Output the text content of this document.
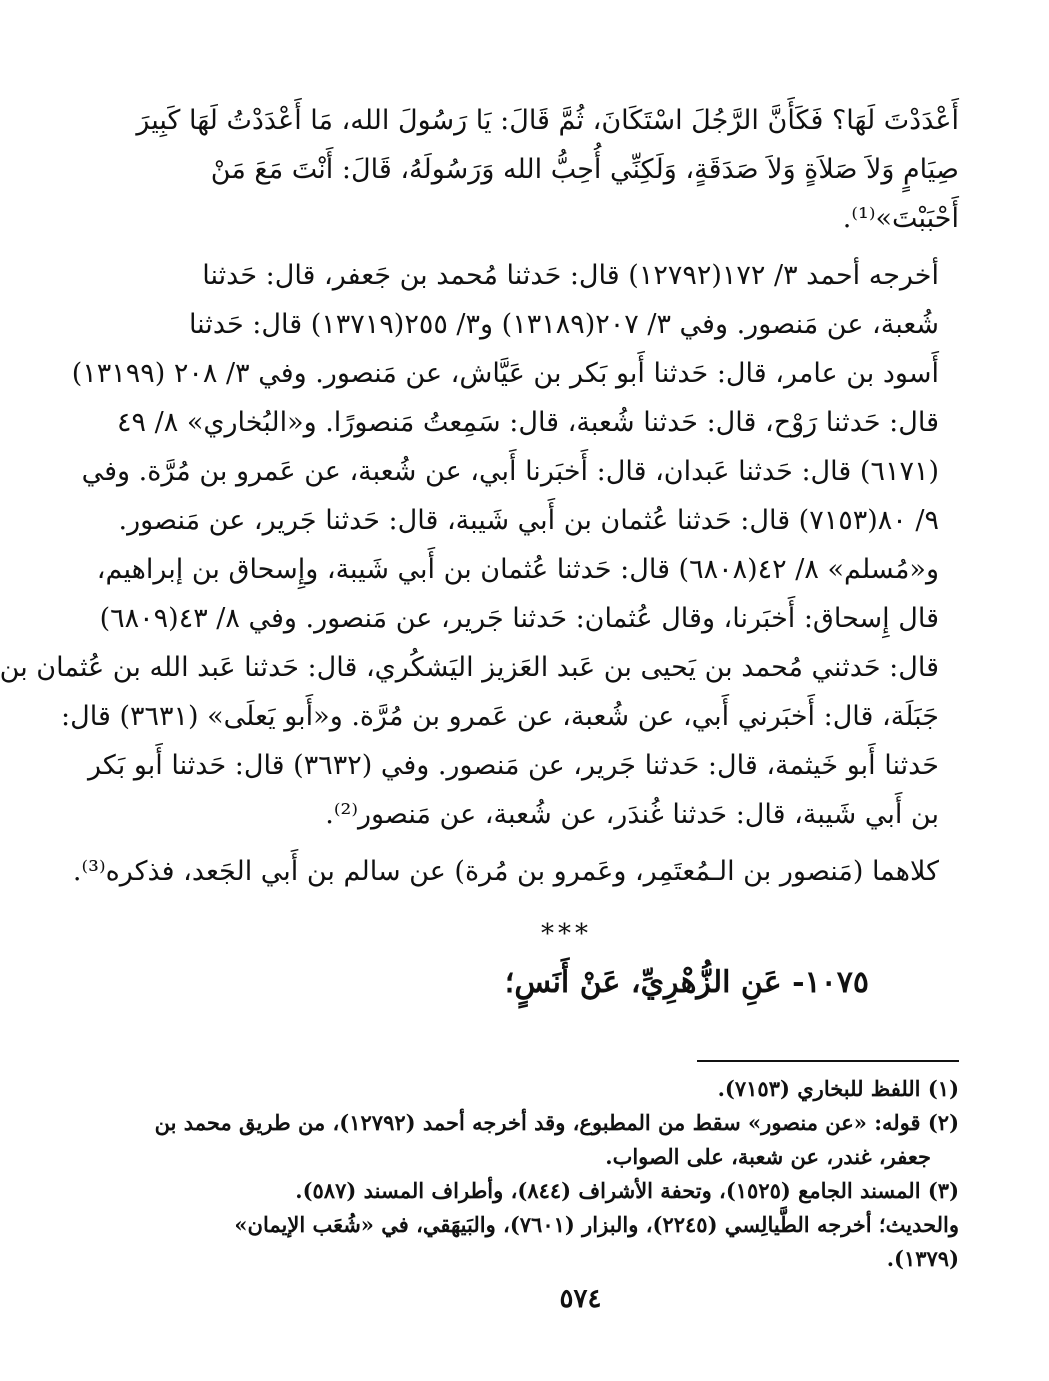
أَعْدَدْتَ لَهَا؟ فَكَأَنَّ الرَّجُلَ اسْتَكَانَ، ثُمَّ قَالَ: يَا رَسُولَ الله، مَا أَعْدَدْتُ لَهَا كَبِيرَ
صِيَامٍ وَلاَ صَلاَةٍ وَلاَ صَدَقَةٍ، وَلَكِنِّي أُحِبُّ الله وَرَسُولَهُ، قَالَ: أَنْتَ مَعَ مَنْ
أَحْبَبْتَ»⁽¹⁾.
أخرجه أحمد ٣/ ١٧٢(١٢٧٩٢) قال: حَدثنا مُحمد بن جَعفر، قال: حَدثنا
شُعبة، عن مَنصور. وفي ٣/ ٢٠٧(١٣١٨٩) و٣/ ٢٥٥(١٣٧١٩) قال: حَدثنا
أَسود بن عامر، قال: حَدثنا أَبو بَكر بن عَيَّاش، عن مَنصور. وفي ٣/ ٢٠٨ (١٣١٩٩)
قال: حَدثنا رَوْح، قال: حَدثنا شُعبة، قال: سَمِعتُ مَنصورًا. و«البُخاري» ٨/ ٤٩
(٦١٧١) قال: حَدثنا عَبدان، قال: أَخبَرنا أَبي، عن شُعبة، عن عَمرو بن مُرَّة. وفي
٩/ ٨٠(٧١٥٣) قال: حَدثنا عُثمان بن أَبي شَيبة، قال: حَدثنا جَرير، عن مَنصور.
و«مُسلم» ٨/ ٤٢(٦٨٠٨) قال: حَدثنا عُثمان بن أَبي شَيبة، وإِسحاق بن إبراهيم،
قال إِسحاق: أَخبَرنا، وقال عُثمان: حَدثنا جَرير، عن مَنصور. وفي ٨/ ٤٣(٦٨٠٩)
قال: حَدثني مُحمد بن يَحيى بن عَبد العَزيز اليَشكُري، قال: حَدثنا عَبد الله بن عُثمان بن
جَبَلَة، قال: أَخبَرني أَبي، عن شُعبة، عن عَمرو بن مُرَّة. و«أَبو يَعلَى» (٣٦٣١) قال:
حَدثنا أَبو خَيثمة، قال: حَدثنا جَرير، عن مَنصور. وفي (٣٦٣٢) قال: حَدثنا أَبو بَكر
بن أَبي شَيبة، قال: حَدثنا غُندَر، عن شُعبة، عن مَنصور⁽²⁾.
كلاهما (مَنصور بن الـمُعتَمِر، وعَمرو بن مُرة) عن سالم بن أَبي الجَعد، فذكره⁽³⁾.
***
١٠٧٥- عَنِ الزُّهْرِيِّ، عَنْ أَنَسٍ؛
(١) اللفظ للبخاري (٧١٥٣).
(٢) قوله: «عن منصور» سقط من المطبوع، وقد أخرجه أحمد (١٢٧٩٢)، من طريق محمد بن
جعفر، غندر، عن شعبة، على الصواب.
(٣) المسند الجامع (١٥٢٥)، وتحفة الأشراف (٨٤٤)، وأطراف المسند (٥٨٧).
والحديث؛ أخرجه الطَّيالِسي (٢٢٤٥)، والبزار (٧٦٠١)، والبَيهَقي، في «شُعَب الإيمان»
(١٣٧٩).
٥٧٤
